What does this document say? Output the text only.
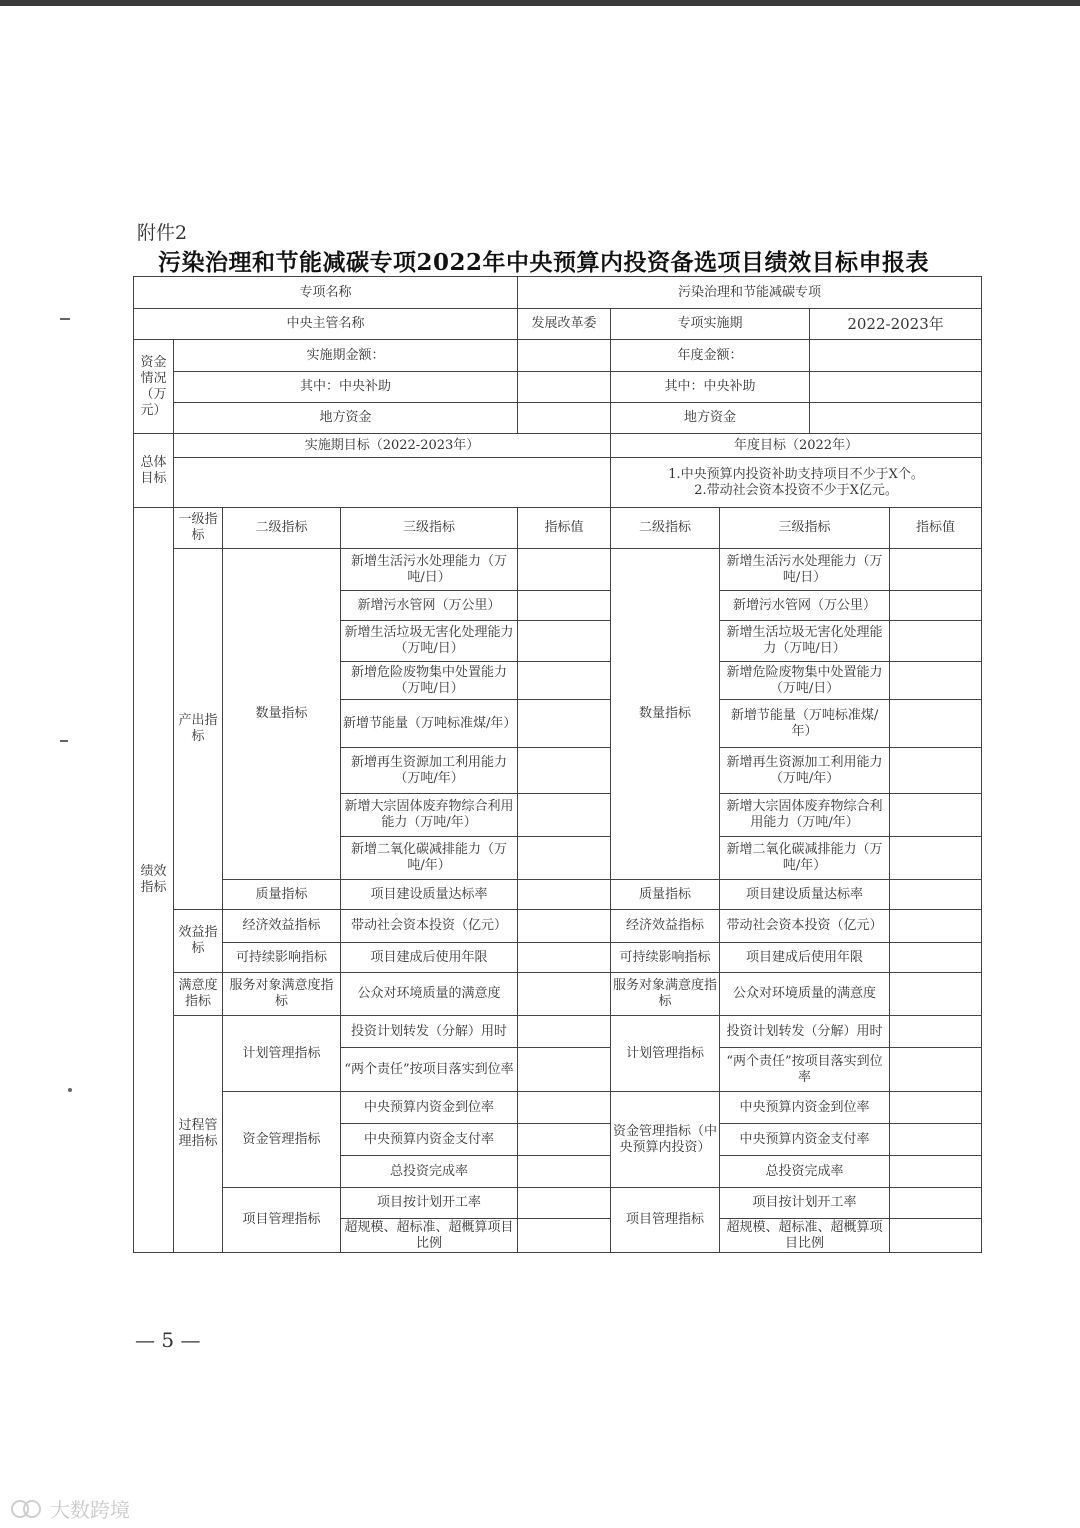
附件2
污染治理和节能减碳专项2022年中央预算内投资备选项目绩效目标申报表
专项名称				污染治理和节能减碳专项				
中央主管名称				发展改革委	专项实施期		2022-2023年	
资金情况（万元）	实施期金额：				年度金额：			
	其中：中央补助				其中：中央补助			
	地方资金				地方资金			
总体目标	实施期目标（2022-2023年）				年度目标（2022年）			

					1.中央预算内投资补助支持项目不少于X个。
2.带动社会资本投资不少于X亿元。			

绩效指标	一级指标	二级指标	三级指标	指标值	二级指标	三级指标		指标值
	产出指标	数量指标	新增生活污水处理能力（万吨/日）		数量指标	新增生活污水处理能力（万吨/日）		
			新增污水管网（万公里）			新增污水管网（万公里）		
			新增生活垃圾无害化处理能力（万吨/日）			新增生活垃圾无害化处理能力（万吨/日）		
			新增危险废物集中处置能力（万吨/日）			新增危险废物集中处置能力（万吨/日）		
			新增节能量（万吨标准煤/年）			新增节能量（万吨标准煤/年）		
			新增再生资源加工利用能力（万吨/年）			新增再生资源加工利用能力（万吨/年）		
			新增大宗固体废弃物综合利用能力（万吨/年）			新增大宗固体废弃物综合利用能力（万吨/年）		
			新增二氧化碳减排能力（万吨/年）			新增二氧化碳减排能力（万吨/年）		
		质量指标	项目建设质量达标率		质量指标	项目建设质量达标率		
	效益指标	经济效益指标	带动社会资本投资（亿元）		经济效益指标	带动社会资本投资（亿元）		
		可持续影响指标	项目建成后使用年限		可持续影响指标	项目建成后使用年限		
	满意度指标	服务对象满意度指标	公众对环境质量的满意度		服务对象满意度指标	公众对环境质量的满意度		
	过程管理指标	计划管理指标	投资计划转发（分解）用时		计划管理指标	投资计划转发（分解）用时		
			“两个责任”按项目落实到位率			“两个责任”按项目落实到位率		
		资金管理指标	中央预算内资金到位率		资金管理指标（中央预算内投资）	中央预算内资金到位率		
			中央预算内资金支付率			中央预算内资金支付率		
			总投资完成率			总投资完成率		
		项目管理指标	项目按计划开工率		项目管理指标	项目按计划开工率		
			超规模、超标准、超概算项目比例			超规模、超标准、超概算项目比例		
— 5 —
大数跨境
